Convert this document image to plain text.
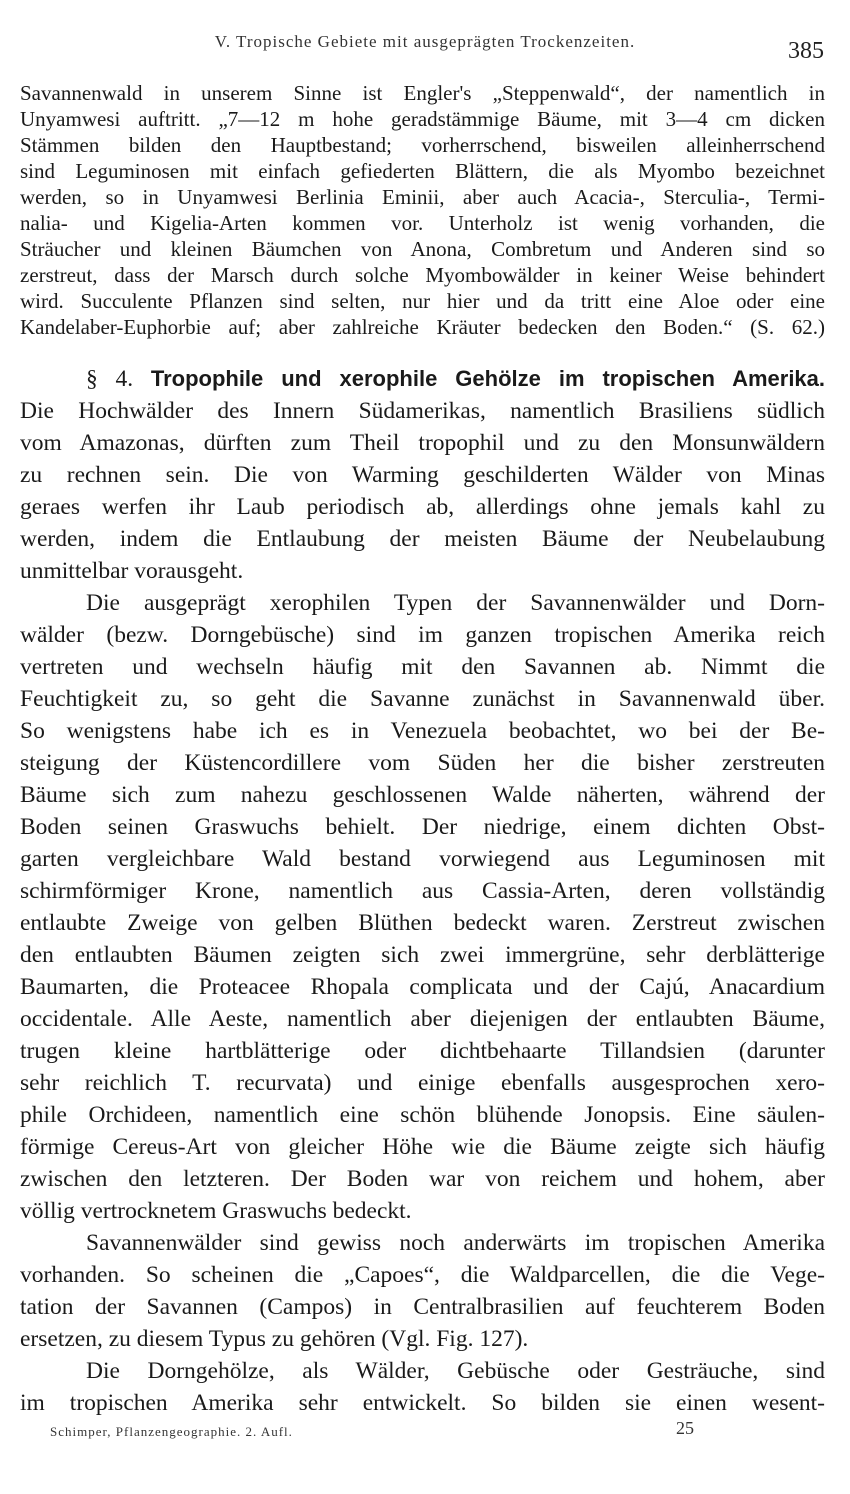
V. Tropische Gebiete mit ausgeprägten Trockenzeiten.	385
Savannenwald in unserem Sinne ist Engler's „Steppenwald“, der namentlich in
Unyamwesi auftritt. „7—12 m hohe geradstämmige Bäume, mit 3—4 cm dicken
Stämmen bilden den Hauptbestand; vorherrschend, bisweilen alleinherrschend
sind Leguminosen mit einfach gefiederten Blättern, die als Myombo bezeichnet
werden, so in Unyamwesi Berlinia Eminii, aber auch Acacia-, Sterculia-, Termi-
nalia- und Kigelia-Arten kommen vor. Unterholz ist wenig vorhanden, die
Sträucher und kleinen Bäumchen von Anona, Combretum und Anderen sind so
zerstreut, dass der Marsch durch solche Myombowälder in keiner Weise behindert
wird. Succulente Pflanzen sind selten, nur hier und da tritt eine Aloe oder eine
Kandelaber-Euphorbie auf; aber zahlreiche Kräuter bedecken den Boden.“ (S. 62.)
§ 4. Tropophile und xerophile Gehölze im tropischen Amerika.
Die Hochwälder des Innern Südamerikas, namentlich Brasiliens südlich
vom Amazonas, dürften zum Theil tropophil und zu den Monsunwäldern
zu rechnen sein. Die von Warming geschilderten Wälder von Minas
geraes werfen ihr Laub periodisch ab, allerdings ohne jemals kahl zu
werden, indem die Entlaubung der meisten Bäume der Neubelaubung
unmittelbar vorausgeht.
Die ausgeprägt xerophilen Typen der Savannenwälder und Dorn-
wälder (bezw. Dorngebüsche) sind im ganzen tropischen Amerika reich
vertreten und wechseln häufig mit den Savannen ab. Nimmt die
Feuchtigkeit zu, so geht die Savanne zunächst in Savannenwald über.
So wenigstens habe ich es in Venezuela beobachtet, wo bei der Be-
steigung der Küstencordillere vom Süden her die bisher zerstreuten
Bäume sich zum nahezu geschlossenen Walde näherten, während der
Boden seinen Graswuchs behielt. Der niedrige, einem dichten Obst-
garten vergleichbare Wald bestand vorwiegend aus Leguminosen mit
schirmförmiger Krone, namentlich aus Cassia-Arten, deren vollständig
entlaubte Zweige von gelben Blüthen bedeckt waren. Zerstreut zwischen
den entlaubten Bäumen zeigten sich zwei immergrüne, sehr derblätterige
Baumarten, die Proteacee Rhopala complicata und der Cajú, Anacardium
occidentale. Alle Aeste, namentlich aber diejenigen der entlaubten Bäume,
trugen kleine hartblätterige oder dichtbehaarte Tillandsien (darunter
sehr reichlich T. recurvata) und einige ebenfalls ausgesprochen xero-
phile Orchideen, namentlich eine schön blühende Jonopsis. Eine säulen-
förmige Cereus-Art von gleicher Höhe wie die Bäume zeigte sich häufig
zwischen den letzteren. Der Boden war von reichem und hohem, aber
völlig vertrocknetem Graswuchs bedeckt.
Savannenwälder sind gewiss noch anderwärts im tropischen Amerika
vorhanden. So scheinen die „Capoes“, die Waldparcellen, die die Vege-
tation der Savannen (Campos) in Centralbrasilien auf feuchterem Boden
ersetzen, zu diesem Typus zu gehören (Vgl. Fig. 127).
Die Dorngehölze, als Wälder, Gebüsche oder Gesträuche, sind
im tropischen Amerika sehr entwickelt. So bilden sie einen wesent-
Schimper, Pflanzengeographie. 2. Aufl.	25
